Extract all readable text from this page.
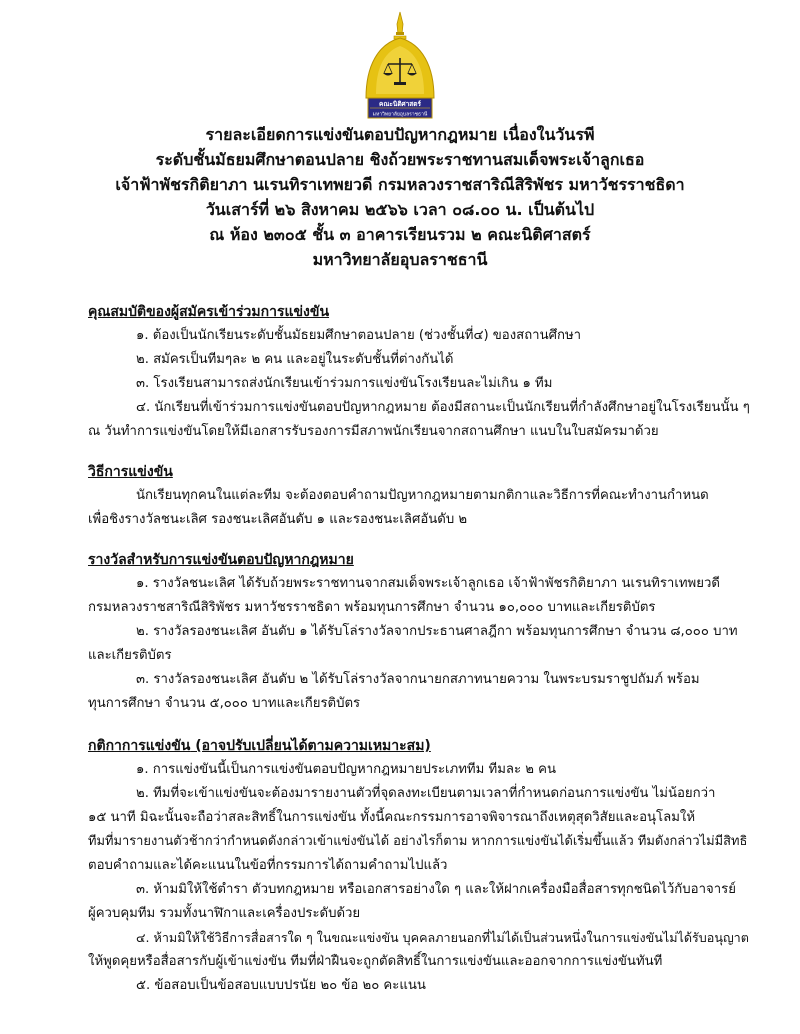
คณะนิติศาสตร์
มหาวิทยาลัยอุบลราชธานี
รายละเอียดการแข่งขันตอบปัญหากฎหมาย เนื่องในวันรพี
ระดับชั้นมัธยมศึกษาตอนปลาย ชิงถ้วยพระราชทานสมเด็จพระเจ้าลูกเธอ
เจ้าฟ้าพัชรกิติยาภา นเรนทิราเทพยวดี กรมหลวงราชสาริณีสิริพัชร มหาวัชรราชธิดา
วันเสาร์ที่ ๒๖ สิงหาคม ๒๕๖๖ เวลา ๐๘.๐๐ น. เป็นต้นไป
ณ ห้อง ๒๓๐๕ ชั้น ๓ อาคารเรียนรวม ๒ คณะนิติศาสตร์
มหาวิทยาลัยอุบลราชธานี
คุณสมบัติของผู้สมัครเข้าร่วมการแข่งขัน
๑. ต้องเป็นนักเรียนระดับชั้นมัธยมศึกษาตอนปลาย (ช่วงชั้นที่๔) ของสถานศึกษา
๒. สมัครเป็นทีมๆละ ๒ คน และอยู่ในระดับชั้นที่ต่างกันได้
๓. โรงเรียนสามารถส่งนักเรียนเข้าร่วมการแข่งขันโรงเรียนละไม่เกิน ๑ ทีม
๔. นักเรียนที่เข้าร่วมการแข่งขันตอบปัญหากฎหมาย ต้องมีสถานะเป็นนักเรียนที่กำลังศึกษาอยู่ในโรงเรียนนั้น ๆ
ณ วันทำการแข่งขันโดยให้มีเอกสารรับรองการมีสภาพนักเรียนจากสถานศึกษา แนบในใบสมัครมาด้วย
วิธีการแข่งขัน
นักเรียนทุกคนในแต่ละทีม จะต้องตอบคำถามปัญหากฎหมายตามกติกาและวิธีการที่คณะทำงานกำหนด
เพื่อชิงรางวัลชนะเลิศ รองชนะเลิศอันดับ ๑ และรองชนะเลิศอันดับ ๒
รางวัลสำหรับการแข่งขันตอบปัญหากฎหมาย
๑. รางวัลชนะเลิศ ได้รับถ้วยพระราชทานจากสมเด็จพระเจ้าลูกเธอ เจ้าฟ้าพัชรกิติยาภา นเรนทิราเทพยวดี
กรมหลวงราชสาริณีสิริพัชร มหาวัชรราชธิดา พร้อมทุนการศึกษา จำนวน ๑๐,๐๐๐ บาทและเกียรติบัตร
๒. รางวัลรองชนะเลิศ อันดับ ๑ ได้รับโล่รางวัลจากประธานศาลฎีกา พร้อมทุนการศึกษา จำนวน ๘,๐๐๐ บาท
และเกียรติบัตร
๓. รางวัลรองชนะเลิศ อันดับ ๒ ได้รับโล่รางวัลจากนายกสภาทนายความ ในพระบรมราชูปถัมภ์ พร้อม
ทุนการศึกษา จำนวน ๕,๐๐๐ บาทและเกียรติบัตร
กติกาการแข่งขัน (อาจปรับเปลี่ยนได้ตามความเหมาะสม)
๑. การแข่งขันนี้เป็นการแข่งขันตอบปัญหากฎหมายประเภททีม ทีมละ ๒ คน
๒. ทีมที่จะเข้าแข่งขันจะต้องมารายงานตัวที่จุดลงทะเบียนตามเวลาที่กำหนดก่อนการแข่งขัน ไม่น้อยกว่า
๑๕ นาที มิฉะนั้นจะถือว่าสละสิทธิ์ในการแข่งขัน ทั้งนี้คณะกรรมการอาจพิจารณาถึงเหตุสุดวิสัยและอนุโลมให้
ทีมที่มารายงานตัวช้ากว่ากำหนดดังกล่าวเข้าแข่งขันได้ อย่างไรก็ตาม หากการแข่งขันได้เริ่มขึ้นแล้ว ทีมดังกล่าวไม่มีสิทธิ
ตอบคำถามและได้คะแนนในข้อที่กรรมการได้ถามคำถามไปแล้ว
๓. ห้ามมิให้ใช้ตำรา ตัวบทกฎหมาย หรือเอกสารอย่างใด ๆ และให้ฝากเครื่องมือสื่อสารทุกชนิดไว้กับอาจารย์
ผู้ควบคุมทีม รวมทั้งนาฬิกาและเครื่องประดับด้วย
๔. ห้ามมิให้ใช้วิธีการสื่อสารใด ๆ ในขณะแข่งขัน บุคคลภายนอกที่ไม่ได้เป็นส่วนหนึ่งในการแข่งขันไม่ได้รับอนุญาต
ให้พูดคุยหรือสื่อสารกับผู้เข้าแข่งขัน ทีมที่ฝ่าฝืนจะถูกตัดสิทธิ์ในการแข่งขันและออกจากการแข่งขันทันที
๕. ข้อสอบเป็นข้อสอบแบบปรนัย ๒๐ ข้อ ๒๐ คะแนน
